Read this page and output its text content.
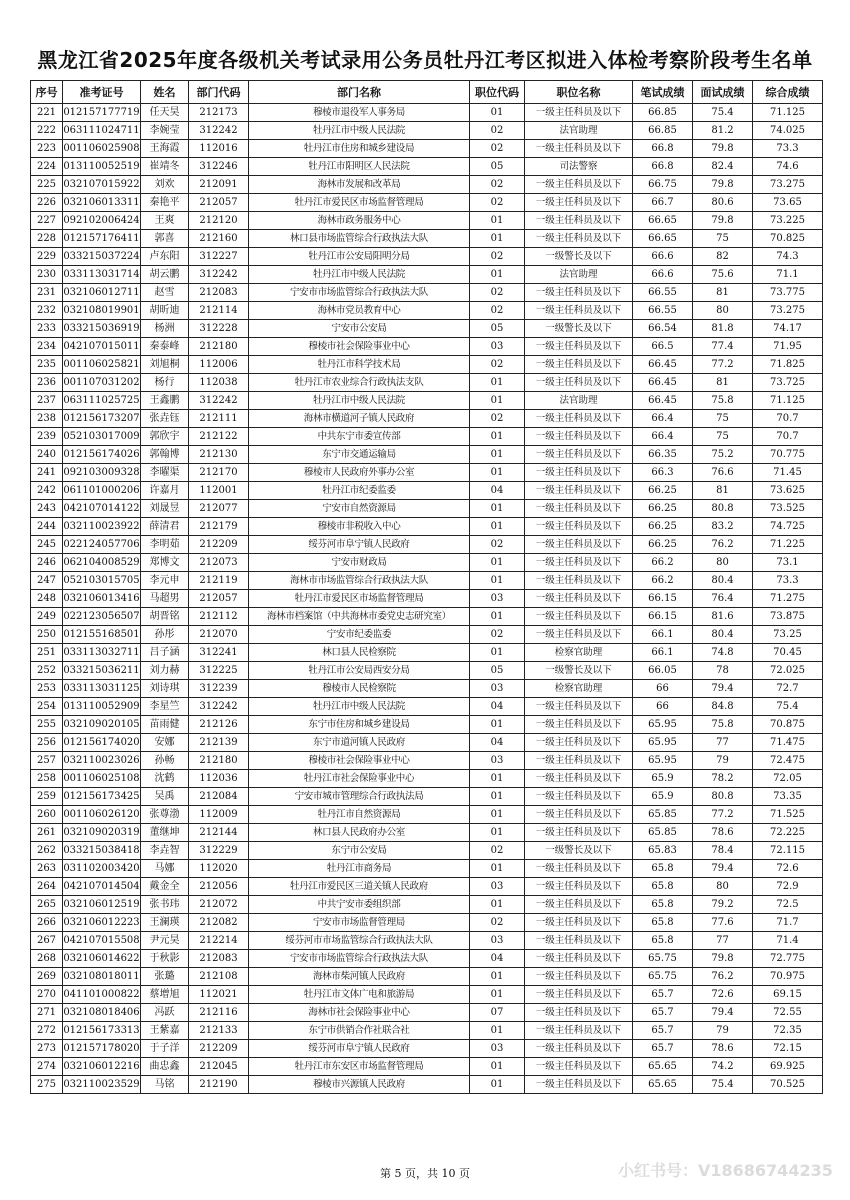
黑龙江省2025年度各级机关考试录用公务员牡丹江考区拟进入体检考察阶段考生名单
序号	准考证号	姓名	部门代码	部门名称	职位代码	职位名称	笔试成绩	面试成绩	综合成绩
221	012157177719	任天昊	212173	穆棱市退役军人事务局	01	一级主任科员及以下	66.85	75.4	71.125
222	063111024711	李婉莹	312242	牡丹江市中级人民法院	02	法官助理	66.85	81.2	74.025
223	001106025908	王海霞	112016	牡丹江市住房和城乡建设局	02	一级主任科员及以下	66.8	79.8	73.3
224	013110052519	崔靖冬	312246	牡丹江市阳明区人民法院	05	司法警察	66.8	82.4	74.6
225	032107015922	刘欢	212091	海林市发展和改革局	02	一级主任科员及以下	66.75	79.8	73.275
226	032106013311	秦艳平	212057	牡丹江市爱民区市场监督管理局	02	一级主任科员及以下	66.7	80.6	73.65
227	092102006424	王爽	212120	海林市政务服务中心	01	一级主任科员及以下	66.65	79.8	73.225
228	012157176411	郭喜	212160	林口县市场监管综合行政执法大队	01	一级主任科员及以下	66.65	75	70.825
229	033215037224	卢东阳	312227	牡丹江市公安局阳明分局	02	一级警长及以下	66.6	82	74.3
230	033113031714	胡云鹏	312242	牡丹江市中级人民法院	01	法官助理	66.6	75.6	71.1
231	032106012711	赵雪	212083	宁安市市场监管综合行政执法大队	02	一级主任科员及以下	66.55	81	73.775
232	032108019901	胡昕迪	212114	海林市党员教育中心	02	一级主任科员及以下	66.55	80	73.275
233	033215036919	杨洲	312228	宁安市公安局	05	一级警长及以下	66.54	81.8	74.17
234	042107015011	秦泰峰	212180	穆棱市社会保险事业中心	03	一级主任科员及以下	66.5	77.4	71.95
235	001106025821	刘旭桐	112006	牡丹江市科学技术局	02	一级主任科员及以下	66.45	77.2	71.825
236	001107031202	杨行	112038	牡丹江市农业综合行政执法支队	01	一级主任科员及以下	66.45	81	73.725
237	063111025725	王鑫鹏	312242	牡丹江市中级人民法院	01	法官助理	66.45	75.8	71.125
238	012156173207	张垚钰	212111	海林市横道河子镇人民政府	02	一级主任科员及以下	66.4	75	70.7
239	052103017009	郭欣宇	212122	中共东宁市委宣传部	01	一级主任科员及以下	66.4	75	70.7
240	012156174026	郭翰博	212130	东宁市交通运输局	01	一级主任科员及以下	66.35	75.2	70.775
241	092103009328	李曜渠	212170	穆棱市人民政府外事办公室	01	一级主任科员及以下	66.3	76.6	71.45
242	061101000206	许嘉月	112001	牡丹江市纪委监委	04	一级主任科员及以下	66.25	81	73.625
243	042107014122	刘晟昱	212077	宁安市自然资源局	01	一级主任科员及以下	66.25	80.8	73.525
244	032110023922	薛清君	212179	穆棱市非税收入中心	01	一级主任科员及以下	66.25	83.2	74.725
245	022124057706	李明茹	212209	绥芬河市阜宁镇人民政府	02	一级主任科员及以下	66.25	76.2	71.225
246	062104008529	郑博文	212073	宁安市财政局	01	一级主任科员及以下	66.2	80	73.1
247	052103015705	李元申	212119	海林市市场监管综合行政执法大队	01	一级主任科员及以下	66.2	80.4	73.3
248	032106013416	马超男	212057	牡丹江市爱民区市场监督管理局	03	一级主任科员及以下	66.15	76.4	71.275
249	022123056507	胡晋铭	212112	海林市档案馆（中共海林市委党史志研究室）	01	一级主任科员及以下	66.15	81.6	73.875
250	012155168501	孙彤	212070	宁安市纪委监委	02	一级主任科员及以下	66.1	80.4	73.25
251	033113032711	吕子涵	312241	林口县人民检察院	01	检察官助理	66.1	74.8	70.45
252	033215036211	刘力赫	312225	牡丹江市公安局西安分局	05	一级警长及以下	66.05	78	72.025
253	033113031125	刘诗琪	312239	穆棱市人民检察院	03	检察官助理	66	79.4	72.7
254	013110052909	李星竺	312242	牡丹江市中级人民法院	04	一级主任科员及以下	66	84.8	75.4
255	032109020105	苗雨健	212126	东宁市住房和城乡建设局	01	一级主任科员及以下	65.95	75.8	70.875
256	012156174020	安娜	212139	东宁市道河镇人民政府	04	一级主任科员及以下	65.95	77	71.475
257	032110023026	孙畅	212180	穆棱市社会保险事业中心	03	一级主任科员及以下	65.95	79	72.475
258	001106025108	沈鹤	112036	牡丹江市社会保险事业中心	01	一级主任科员及以下	65.9	78.2	72.05
259	012156173425	吴禹	212084	宁安市城市管理综合行政执法局	01	一级主任科员及以下	65.9	80.8	73.35
260	001106026120	张尊渤	112009	牡丹江市自然资源局	01	一级主任科员及以下	65.85	77.2	71.525
261	032109020319	董继坤	212144	林口县人民政府办公室	01	一级主任科员及以下	65.85	78.6	72.225
262	033215038418	李垚智	312229	东宁市公安局	02	一级警长及以下	65.83	78.4	72.115
263	031102003420	马娜	112020	牡丹江市商务局	01	一级主任科员及以下	65.8	79.4	72.6
264	042107014504	戴金全	212056	牡丹江市爱民区三道关镇人民政府	03	一级主任科员及以下	65.8	80	72.9
265	032106012519	张书玮	212072	中共宁安市委组织部	01	一级主任科员及以下	65.8	79.2	72.5
266	032106012223	王澜瑛	212082	宁安市市场监督管理局	02	一级主任科员及以下	65.8	77.6	71.7
267	042107015508	尹元昊	212214	绥芬河市市场监管综合行政执法大队	03	一级主任科员及以下	65.8	77	71.4
268	032106014622	于秋影	212083	宁安市市场监管综合行政执法大队	04	一级主任科员及以下	65.75	79.8	72.775
269	032108018011	张璐	212108	海林市柴河镇人民政府	01	一级主任科员及以下	65.75	76.2	70.975
270	041101000822	蔡增旭	112021	牡丹江市文体广电和旅游局	01	一级主任科员及以下	65.7	72.6	69.15
271	032108018406	冯跃	212116	海林市社会保险事业中心	07	一级主任科员及以下	65.7	79.4	72.55
272	012156173313	王紫嘉	212133	东宁市供销合作社联合社	01	一级主任科员及以下	65.7	79	72.35
273	012157178020	于子洋	212209	绥芬河市阜宁镇人民政府	03	一级主任科员及以下	65.7	78.6	72.15
274	032106012216	曲忠鑫	212045	牡丹江市东安区市场监督管理局	01	一级主任科员及以下	65.65	74.2	69.925
275	032110023529	马铭	212190	穆棱市兴源镇人民政府	01	一级主任科员及以下	65.65	75.4	70.525
第 5 页，共 10 页	小红书号：V18686744235
